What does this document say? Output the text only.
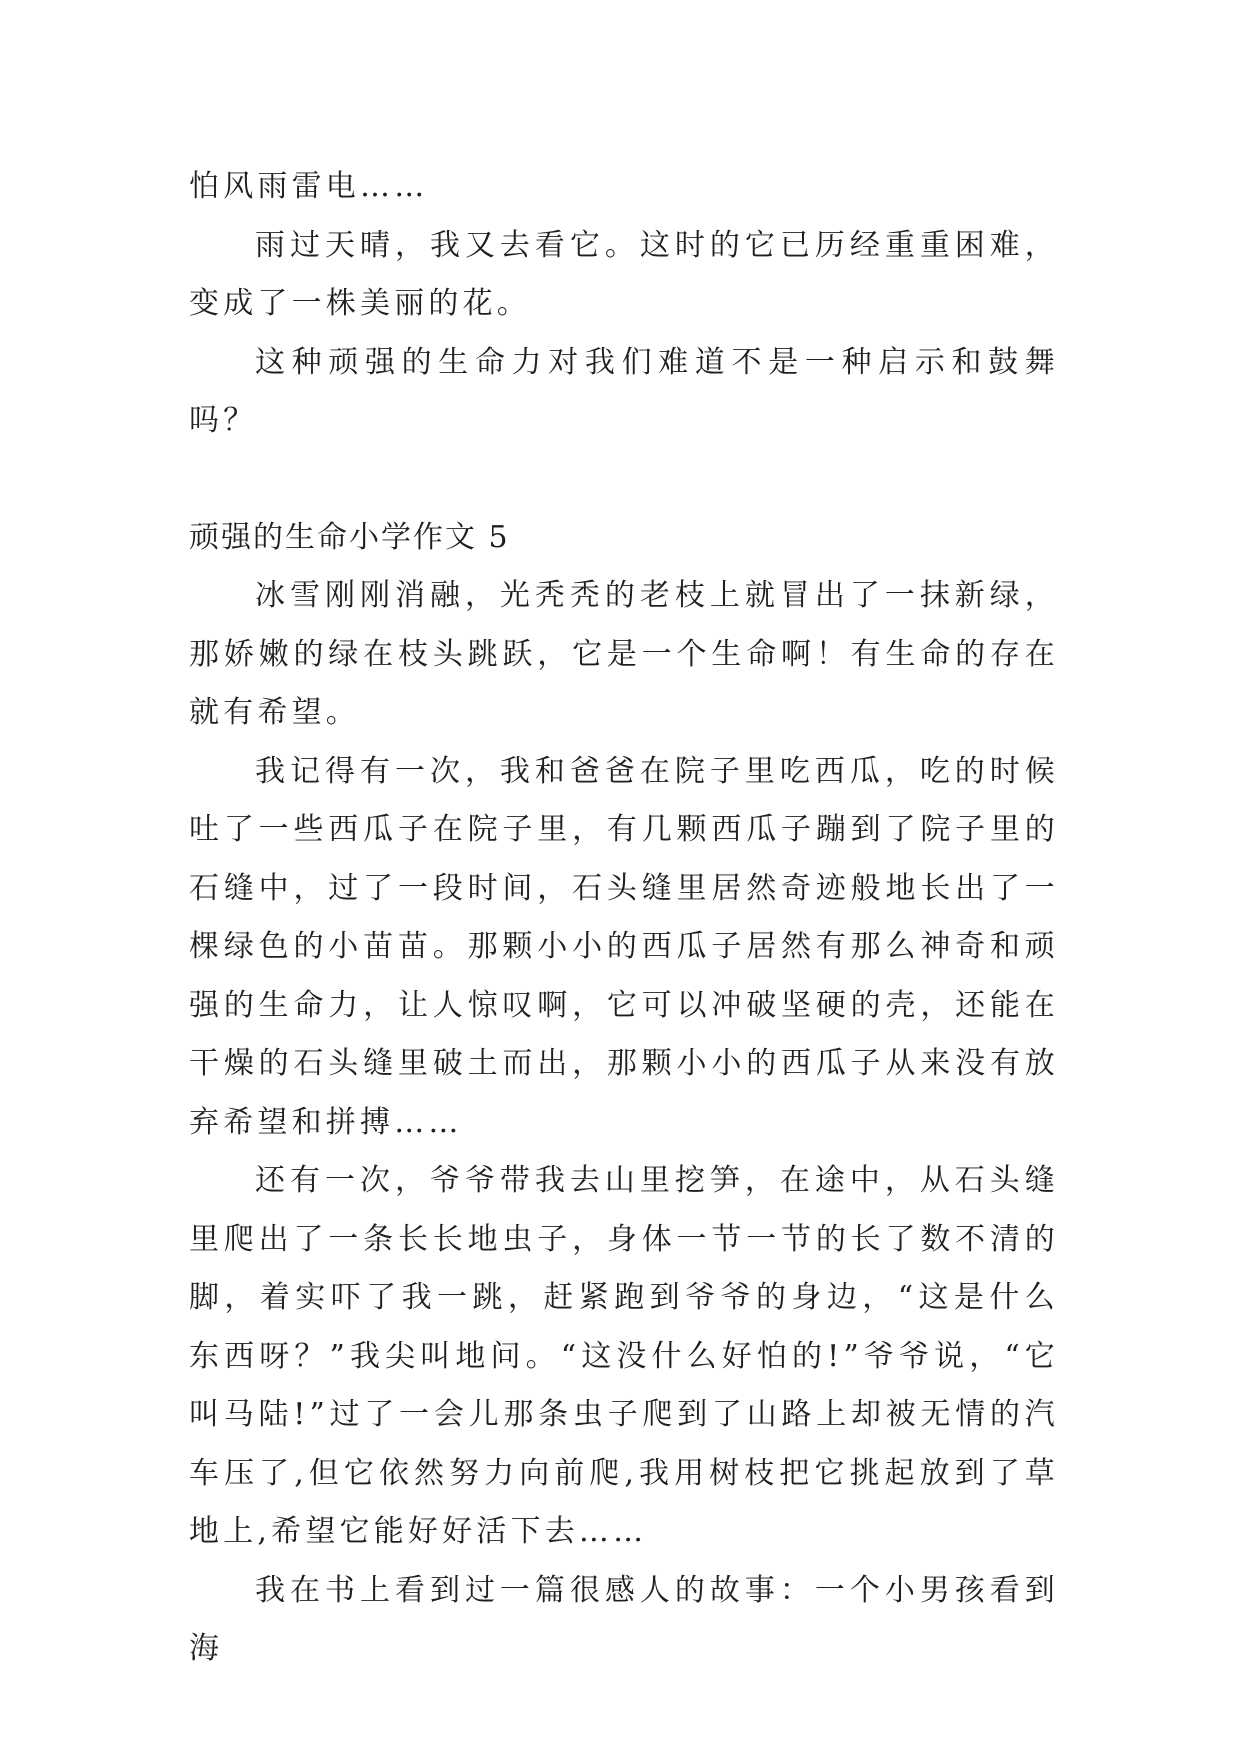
怕风雨雷电……

雨过天晴，我又去看它。这时的它已历经重重困难，变成了一株美丽的花。

这种顽强的生命力对我们难道不是一种启示和鼓舞吗？

顽强的生命小学作文 5

冰雪刚刚消融，光秃秃的老枝上就冒出了一抹新绿，那娇嫩的绿在枝头跳跃，它是一个生命啊！有生命的存在就有希望。

我记得有一次，我和爸爸在院子里吃西瓜，吃的时候吐了一些西瓜子在院子里，有几颗西瓜子蹦到了院子里的石缝中，过了一段时间，石头缝里居然奇迹般地长出了一棵绿色的小苗苗。那颗小小的西瓜子居然有那么神奇和顽强的生命力，让人惊叹啊，它可以冲破坚硬的壳，还能在干燥的石头缝里破土而出，那颗小小的西瓜子从来没有放弃希望和拼搏……

还有一次，爷爷带我去山里挖笋，在途中，从石头缝里爬出了一条长长地虫子，身体一节一节的长了数不清的脚，着实吓了我一跳，赶紧跑到爷爷的身边，“这是什么东西呀？”我尖叫地问。“这没什么好怕的!”爷爷说，“它叫马陆!”过了一会儿那条虫子爬到了山路上却被无情的汽车压了,但它依然努力向前爬,我用树枝把它挑起放到了草地上,希望它能好好活下去……

我在书上看到过一篇很感人的故事：一个小男孩看到海
